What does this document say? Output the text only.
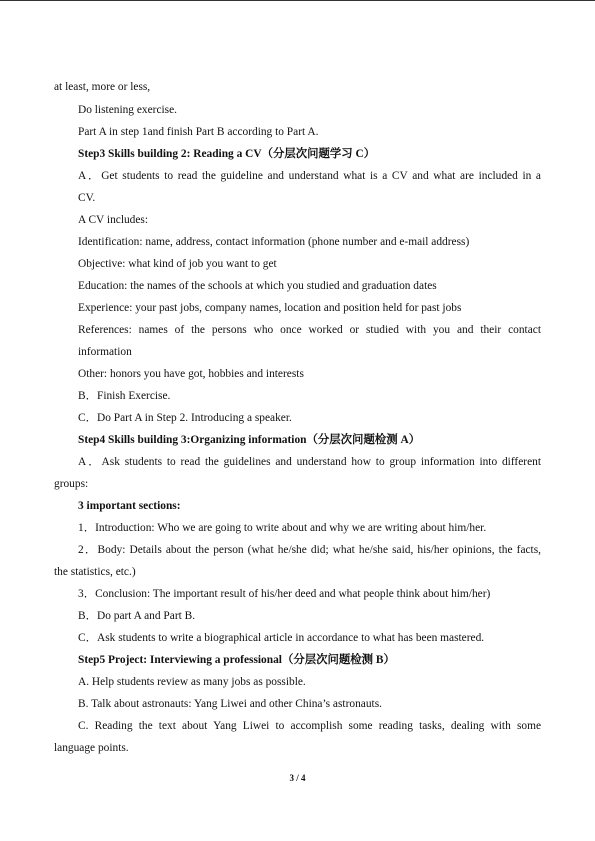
at least, more or less,
Do listening exercise.
Part A in step 1and finish Part B according to Part A.
Step3 Skills building 2: Reading a CV（分层次问题学习 C）
A．Get students to read the guideline and understand what is a CV and what are included in a
CV.
A CV includes:
Identification: name, address, contact information (phone number and e-mail address)
Objective: what kind of job you want to get
Education: the names of the schools at which you studied and graduation dates
Experience: your past jobs, company names, location and position held for past jobs
References: names of the persons who once worked or studied with you and their contact
information
Other: honors you have got, hobbies and interests
B．Finish Exercise.
C．Do Part A in Step 2. Introducing a speaker.
Step4 Skills building 3:Organizing information（分层次问题检测 A）
A．Ask students to read the guidelines and understand how to group information into different
groups:
3 important sections:
1．Introduction: Who we are going to write about and why we are writing about him/her.
2．Body: Details about the person (what he/she did; what he/she said, his/her opinions, the facts,
the statistics, etc.)
3．Conclusion: The important result of his/her deed and what people think about him/her)
B．Do part A and Part B.
C．Ask students to write a biographical article in accordance to what has been mastered.
Step5 Project: Interviewing a professional（分层次问题检测 B）
A. Help students review as many jobs as possible.
B. Talk about astronauts: Yang Liwei and other China’s astronauts.
C. Reading the text about Yang Liwei to accomplish some reading tasks, dealing with some
language points.
3 / 4
